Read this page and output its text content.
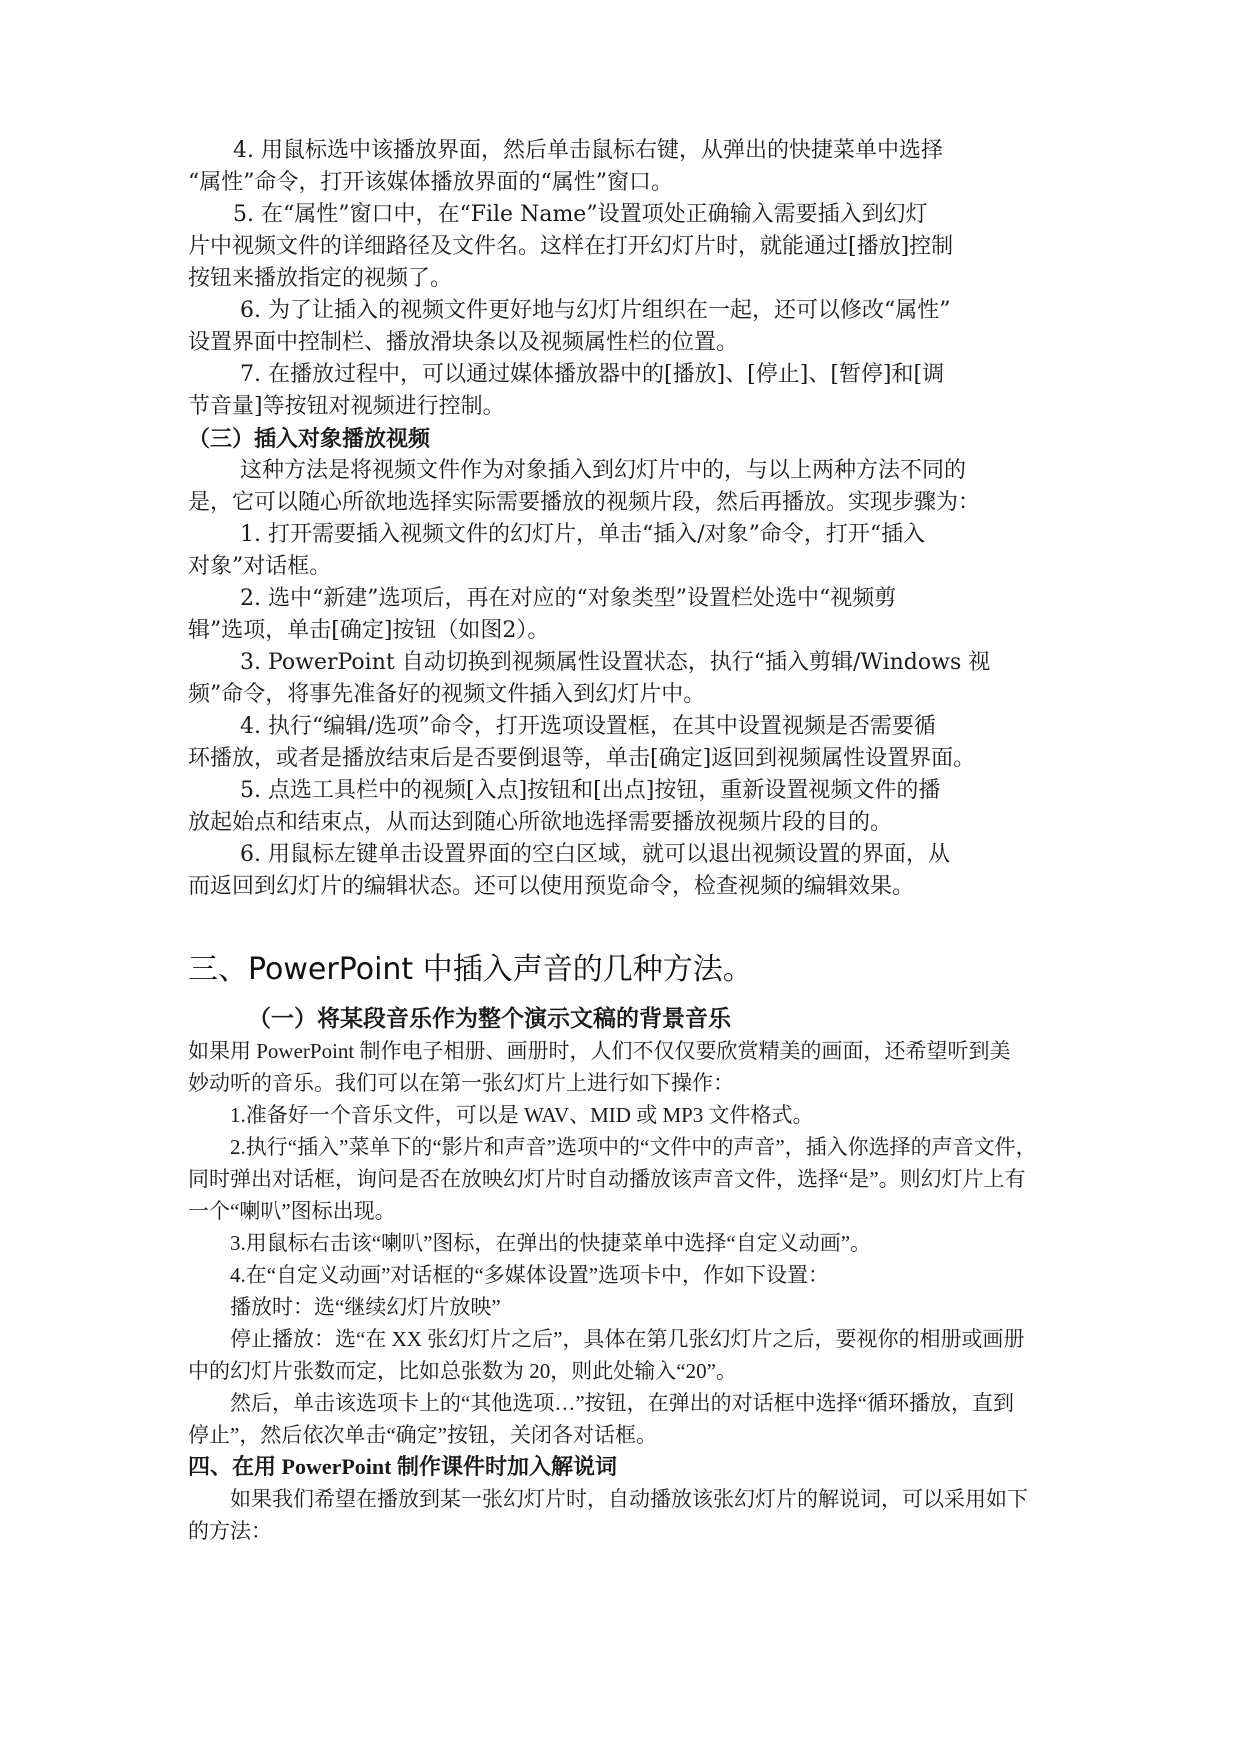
4. 用鼠标选中该播放界面，然后单击鼠标右键，从弹出的快捷菜单中选择
“属性”命令，打开该媒体播放界面的“属性”窗口。
5. 在“属性”窗口中，在“File Name”设置项处正确输入需要插入到幻灯
片中视频文件的详细路径及文件名。这样在打开幻灯片时，就能通过[播放]控制
按钮来播放指定的视频了。
6. 为了让插入的视频文件更好地与幻灯片组织在一起，还可以修改“属性”
设置界面中控制栏、播放滑块条以及视频属性栏的位置。
7. 在播放过程中，可以通过媒体播放器中的[播放]、[停止]、[暂停]和[调
节音量]等按钮对视频进行控制。
（三）插入对象播放视频
这种方法是将视频文件作为对象插入到幻灯片中的，与以上两种方法不同的
是，它可以随心所欲地选择实际需要播放的视频片段，然后再播放。实现步骤为：
1. 打开需要插入视频文件的幻灯片，单击“插入/对象”命令，打开“插入
对象”对话框。
2. 选中“新建”选项后，再在对应的“对象类型”设置栏处选中“视频剪
辑”选项，单击[确定]按钮（如图2）。
3. PowerPoint 自动切换到视频属性设置状态，执行“插入剪辑/Windows 视
频”命令，将事先准备好的视频文件插入到幻灯片中。
4. 执行“编辑/选项”命令，打开选项设置框，在其中设置视频是否需要循
环播放，或者是播放结束后是否要倒退等，单击[确定]返回到视频属性设置界面。
5. 点选工具栏中的视频[入点]按钮和[出点]按钮，重新设置视频文件的播
放起始点和结束点，从而达到随心所欲地选择需要播放视频片段的目的。
6. 用鼠标左键单击设置界面的空白区域，就可以退出视频设置的界面，从
而返回到幻灯片的编辑状态。还可以使用预览命令，检查视频的编辑效果。
三、PowerPoint 中插入声音的几种方法。
（一）将某段音乐作为整个演示文稿的背景音乐
如果用 PowerPoint 制作电子相册、画册时，人们不仅仅要欣赏精美的画面，还希望听到美
妙动听的音乐。我们可以在第一张幻灯片上进行如下操作：
1.准备好一个音乐文件，可以是 WAV、MID 或 MP3 文件格式。
2.执行“插入”菜单下的“影片和声音”选项中的“文件中的声音”，插入你选择的声音文件，
同时弹出对话框，询问是否在放映幻灯片时自动播放该声音文件，选择“是”。则幻灯片上有
一个“喇叭”图标出现。
3.用鼠标右击该“喇叭”图标，在弹出的快捷菜单中选择“自定义动画”。
4.在“自定义动画”对话框的“多媒体设置”选项卡中，作如下设置：
播放时：选“继续幻灯片放映”
停止播放：选“在 XX 张幻灯片之后”，具体在第几张幻灯片之后，要视你的相册或画册
中的幻灯片张数而定，比如总张数为 20，则此处输入“20”。
然后，单击该选项卡上的“其他选项…”按钮，在弹出的对话框中选择“循环播放，直到
停止”，然后依次单击“确定”按钮，关闭各对话框。
四、在用 PowerPoint 制作课件时加入解说词
如果我们希望在播放到某一张幻灯片时，自动播放该张幻灯片的解说词，可以采用如下
的方法：
